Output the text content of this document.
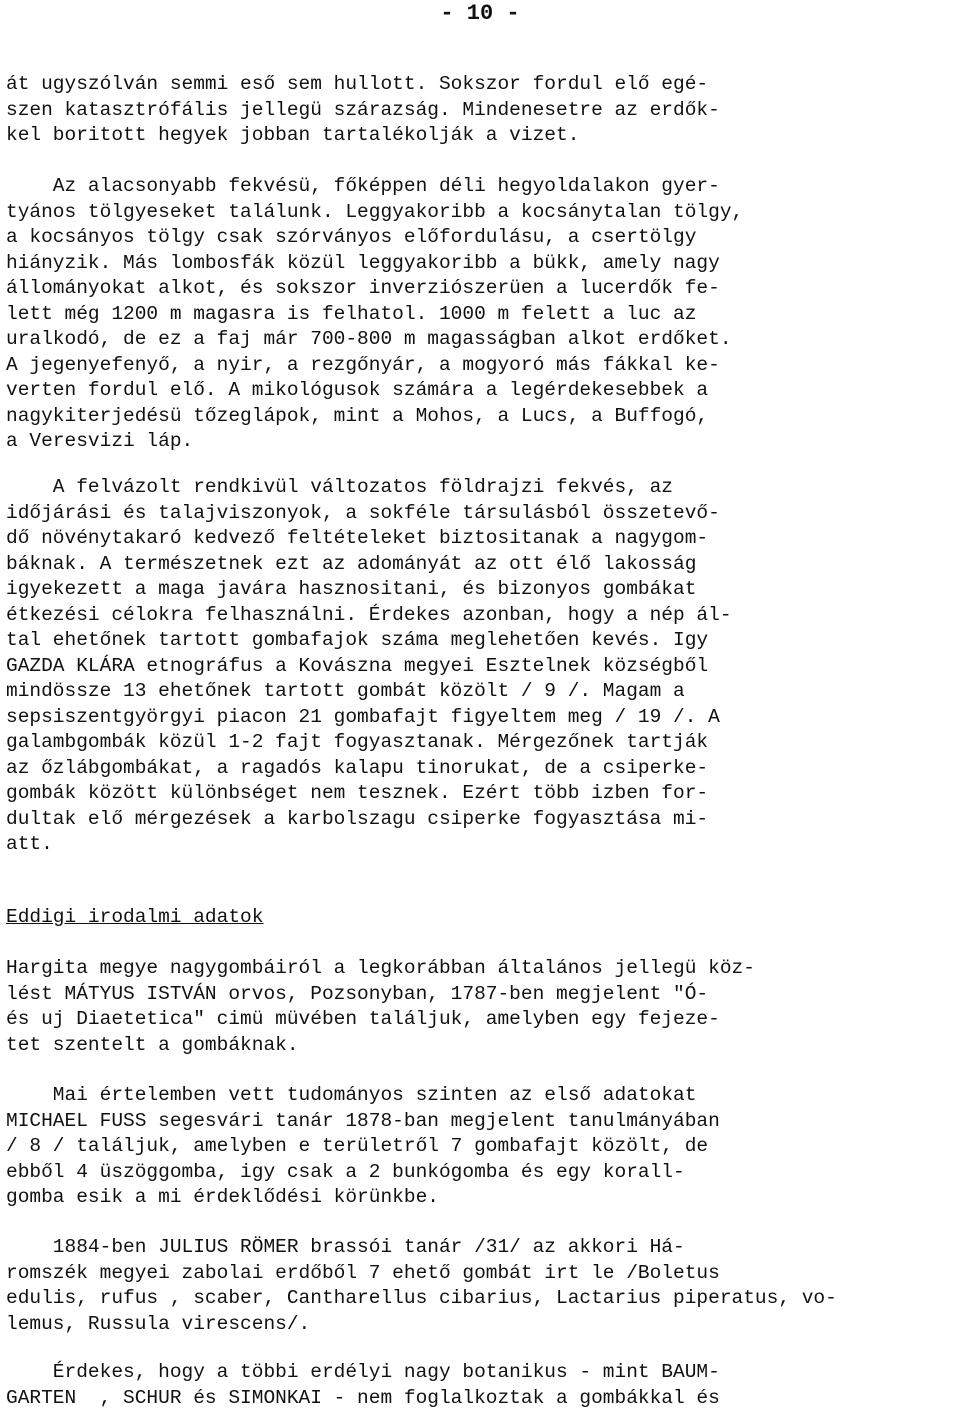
- 10 -
át ugyszólván semmi eső sem hullott. Sokszor fordul elő egé-
szen katasztrófális jellegü szárazság. Mindenesetre az erdők-
kel boritott hegyek jobban tartalékolják a vizet.
Az alacsonyabb fekvésü, főképpen déli hegyoldalakon gyer-
tyános tölgyeseket találunk. Leggyakoribb a kocsánytalan tölgy,
a kocsányos tölgy csak szórványos előfordulásu, a csertölgy
hiányzik. Más lombosfák közül leggyakoribb a bükk, amely nagy
állományokat alkot, és sokszor inverziószerüen a lucerdők fe-
lett még 1200 m magasra is felhatol. 1000 m felett a luc az
uralkodó, de ez a faj már 700-800 m magasságban alkot erdőket.
A jegenyefenyő, a nyir, a rezgőnyár, a mogyoró más fákkal ke-
verten fordul elő. A mikológusok számára a legérdekesebbek a
nagykiterjedésü tőzeglápok, mint a Mohos, a Lucs, a Buffogó,
a Veresvizi láp.
A felvázolt rendkivül változatos földrajzi fekvés, az
időjárási és talajviszonyok, a sokféle társulásból összetevő-
dő növénytakaró kedvező feltételeket biztositanak a nagygom-
báknak. A természetnek ezt az adományát az ott élő lakosság
igyekezett a maga javára hasznositani, és bizonyos gombákat
étkezési célokra felhasználni. Érdekes azonban, hogy a nép ál-
tal ehetőnek tartott gombafajok száma meglehetően kevés. Igy
GAZDA KLÁRA etnográfus a Kovászna megyei Esztelnek községből
mindössze 13 ehetőnek tartott gombát közölt / 9 /. Magam a
sepsiszentgyörgyi piacon 21 gombafajt figyeltem meg / 19 /. A
galambgombák közül 1-2 fajt fogyasztanak. Mérgezőnek tartják
az őzlábgombákat, a ragadós kalapu tinorukat, de a csiperke-
gombák között különbséget nem tesznek. Ezért több izben for-
dultak elő mérgezések a karbolszagu csiperke fogyasztása mi-
att.
Eddigi irodalmi adatok
Hargita megye nagygombáiról a legkorábban általános jellegü köz-
lést MÁTYUS ISTVÁN orvos, Pozsonyban, 1787-ben megjelent "Ó-
és uj Diaetetica" cimü müvében találjuk, amelyben egy fejeze-
tet szentelt a gombáknak.
Mai értelemben vett tudományos szinten az első adatokat
MICHAEL FUSS segesvári tanár 1878-ban megjelent tanulmányában
/ 8 / találjuk, amelyben e területről 7 gombafajt közölt, de
ebből 4 üszöggomba, igy csak a 2 bunkógomba és egy korall-
gomba esik a mi érdeklődési körünkbe.
1884-ben JULIUS RÖMER brassói tanár /31/ az akkori Há-
romszék megyei zabolai erdőből 7 ehető gombát irt le /Boletus
edulis, rufus , scaber, Cantharellus cibarius, Lactarius piperatus, vo-
lemus, Russula virescens/.
Érdekes, hogy a többi erdélyi nagy botanikus - mint BAUM-
GARTEN  , SCHUR és SIMONKAI - nem foglalkoztak a gombákkal és
